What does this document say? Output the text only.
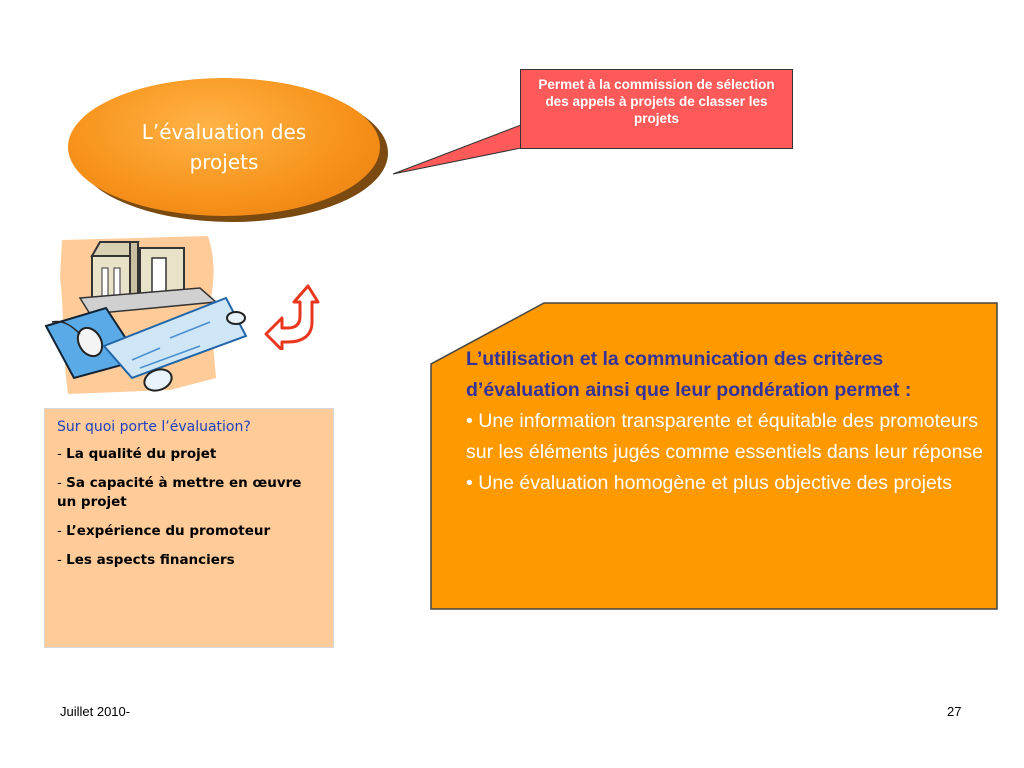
Permet à la commission de sélection des appels à projets de classer les projets
L’évaluation des projets

Sur quoi porte l’évaluation?

- La qualité du projet

- Sa capacité à mettre en œuvre un projet

- L’expérience du promoteur

- Les aspects financiers

L’utilisation et la communication des critères d’évaluation ainsi que leur pondération permet :
• Une information transparente et équitable des promoteurs sur les éléments jugés comme essentiels dans leur réponse
• Une évaluation homogène et plus objective des projets
Juillet 2010-	27
